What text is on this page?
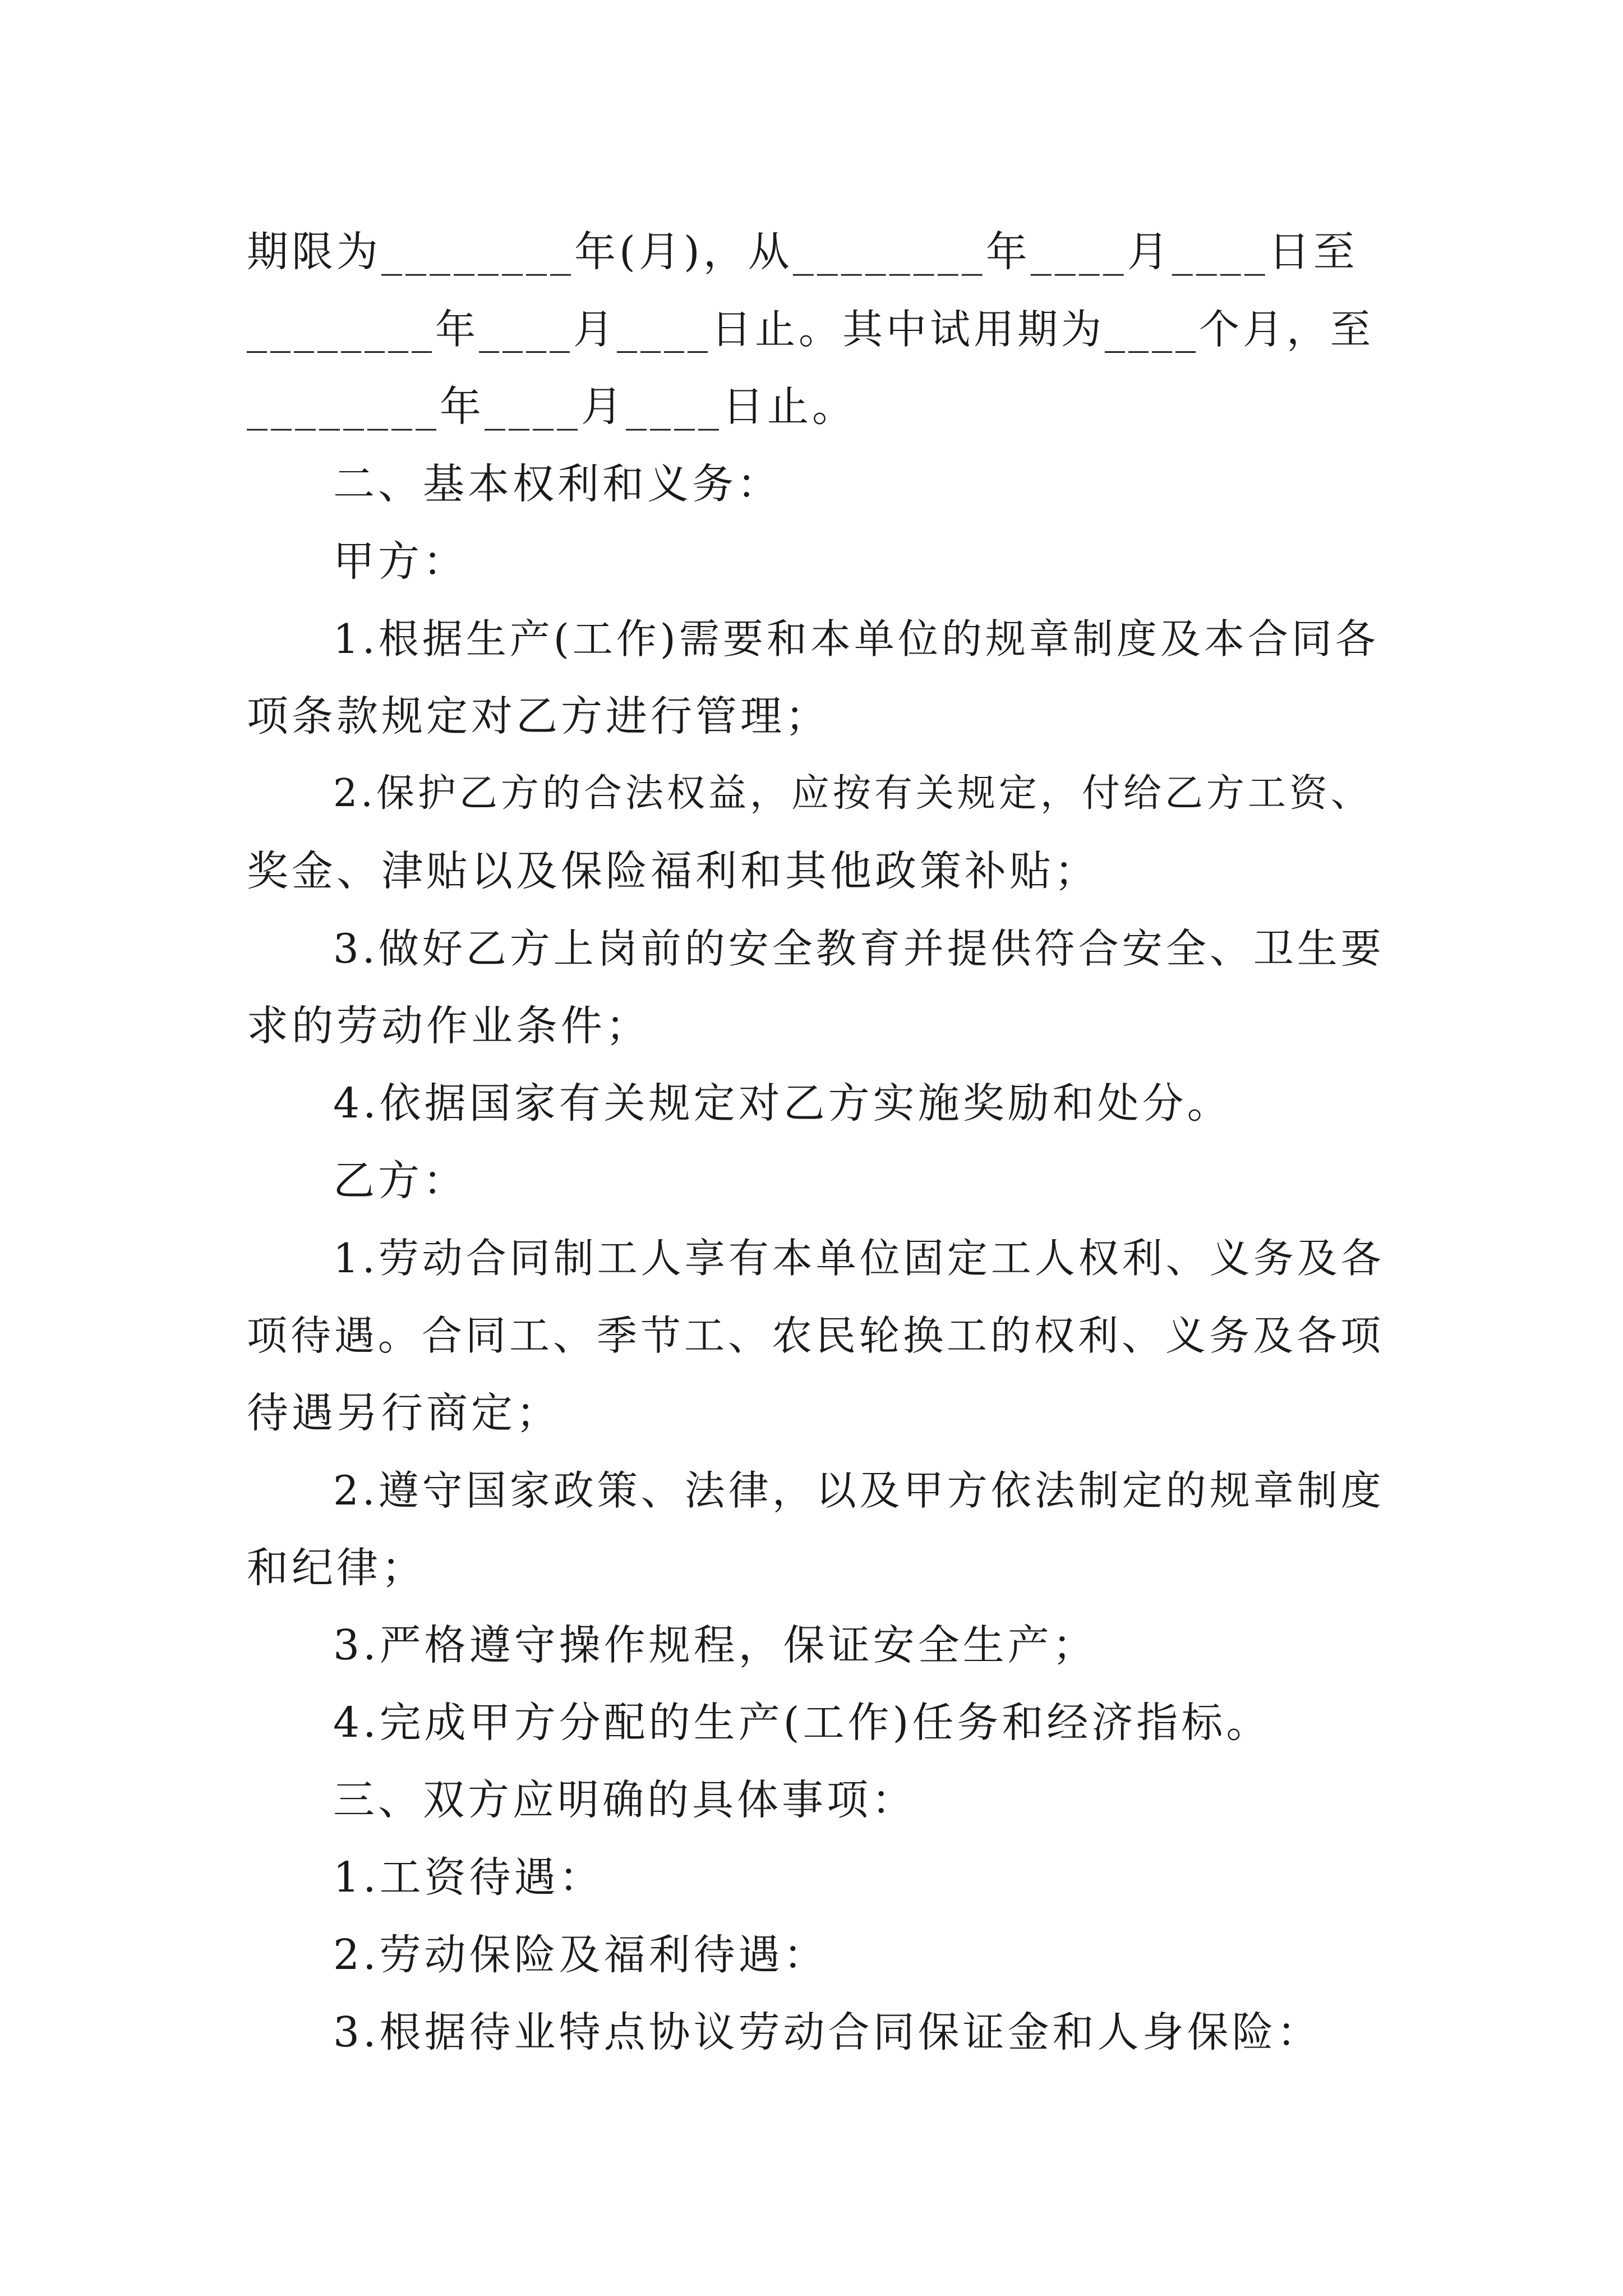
期限为________年(月)，从________年____月____日至
________年____月____日止。其中试用期为____个月，至
________年____月____日止。
二、基本权利和义务：
甲方：
1.根据生产(工作)需要和本单位的规章制度及本合同各
项条款规定对乙方进行管理；
2.保护乙方的合法权益，应按有关规定，付给乙方工资、
奖金、津贴以及保险福利和其他政策补贴；
3.做好乙方上岗前的安全教育并提供符合安全、卫生要
求的劳动作业条件；
4.依据国家有关规定对乙方实施奖励和处分。
乙方：
1.劳动合同制工人享有本单位固定工人权利、义务及各
项待遇。合同工、季节工、农民轮换工的权利、义务及各项
待遇另行商定；
2.遵守国家政策、法律，以及甲方依法制定的规章制度
和纪律；
3.严格遵守操作规程，保证安全生产；
4.完成甲方分配的生产(工作)任务和经济指标。
三、双方应明确的具体事项：
1.工资待遇：
2.劳动保险及福利待遇：
3.根据待业特点协议劳动合同保证金和人身保险：
